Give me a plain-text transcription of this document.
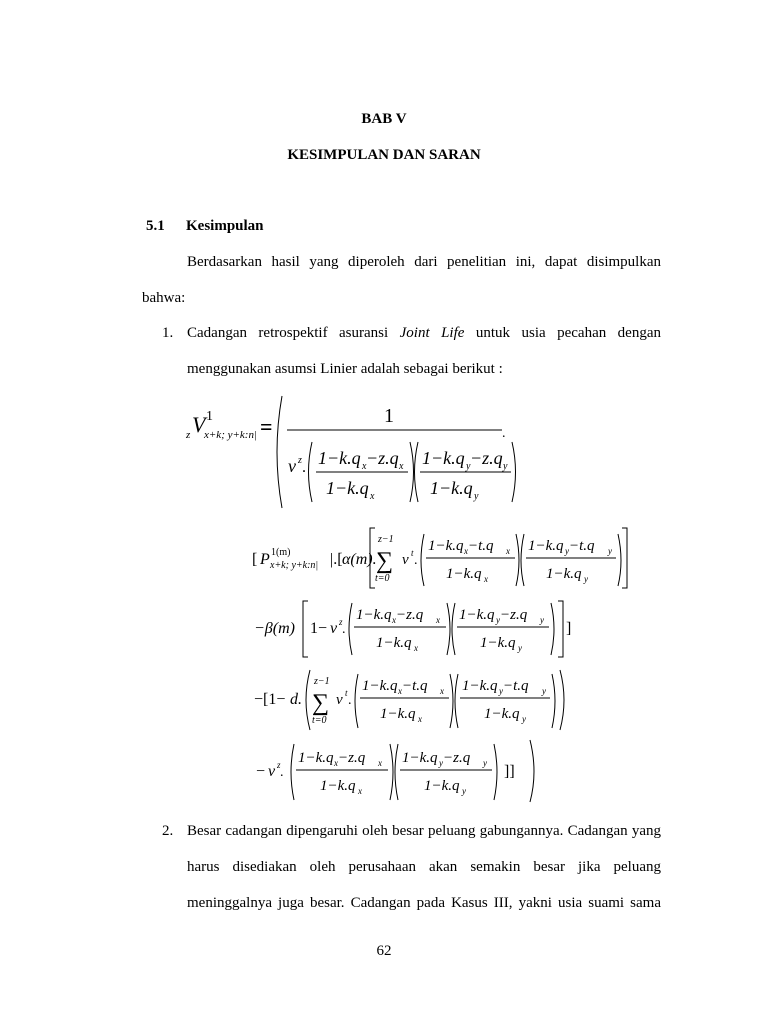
BAB V
KESIMPULAN DAN SARAN
5.1 Kesimpulan
Berdasarkan hasil yang diperoleh dari penelitian ini, dapat disimpulkan
bahwa:
1. Cadangan retrospektif asuransi Joint Life untuk usia pecahan dengan
menggunakan asumsi Linier adalah sebagai berikut :
V 1
z x+k; y+k:n| =	1
.
v z . 1−k.q x −z.q x
1−k.q x
1−k.q y −z.q y
1−k.q y
[ P 1(m)
x+k; y+k:n| |.[ α(m).
z−1
∑
t=0
v t .
1−k.q x −t.q x
1−k.q x
1−k.q y −t.q y
1−k.q y
−β(m) 1− v z .
1−k.q x −z.q x
1−k.q x
1−k.q y −z.q y
1−k.q y
]
−[1− d.
z−1
∑
t=0
v t .
1−k.q x −t.q x
1−k.q x
1−k.q y −t.q y
1−k.q y
− v z .
1−k.q x −z.q x
1−k.q x
1−k.q y −z.q y
1−k.q y
]]
2. Besar cadangan dipengaruhi oleh besar peluang gabungannya. Cadangan yang
harus disediakan oleh perusahaan akan semakin besar jika peluang
meninggalnya juga besar. Cadangan pada Kasus III, yakni usia suami sama
62
